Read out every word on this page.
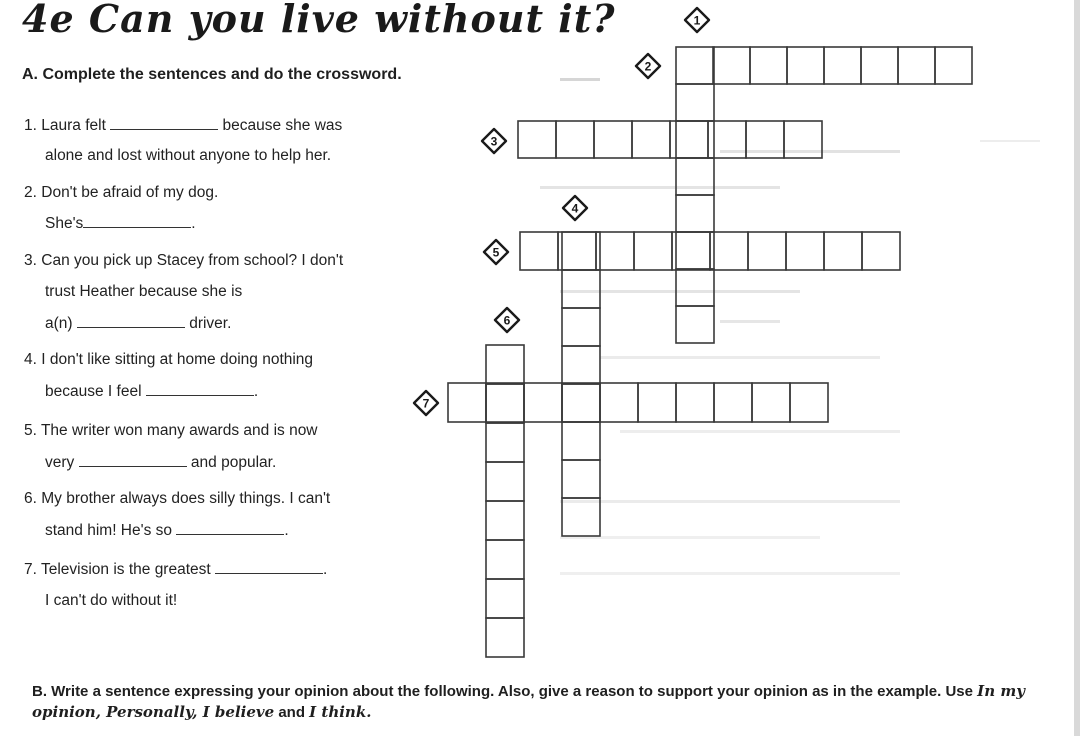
4e Can you live without it?
A. Complete the sentences and do the crossword.
1. Laura felt	because she was
alone and lost without anyone to help her.
2. Don't be afraid of my dog.
She's	.
3. Can you pick up Stacey from school? I don't
trust Heather because she is
a(n)	driver.
4. I don't like sitting at home doing nothing
because I feel	.
5. The writer won many awards and is now
very	and popular.
6. My brother always does silly things. I can't
stand him! He's so	.
7. Television is the greatest	.
I can't do without it!
1
2
3
4
5
6
7
B. Write a sentence expressing your opinion about the following. Also, give a reason to support your opinion as in the example. Use In my opinion, Personally, I believe and I think.
